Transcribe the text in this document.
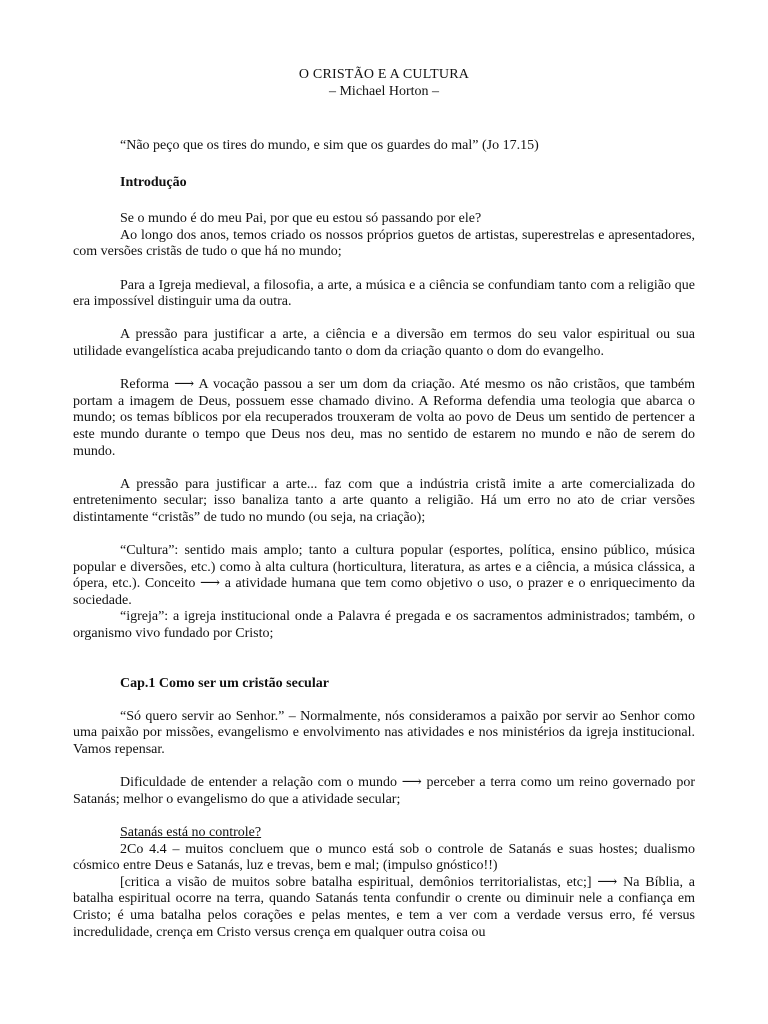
O CRISTÃO E A CULTURA

– Michael Horton –

“Não peço que os tires do mundo, e sim que os guardes do mal” (Jo 17.15)

Introdução

Se o mundo é do meu Pai, por que eu estou só passando por ele?

Ao longo dos anos, temos criado os nossos próprios guetos de artistas, superestrelas e apresentadores, com versões cristãs de tudo o que há no mundo;

Para a Igreja medieval, a filosofia, a arte, a música e a ciência se confundiam tanto com a religião que era impossível distinguir uma da outra.

A pressão para justificar a arte, a ciência e a diversão em termos do seu valor espiritual ou sua utilidade evangelística acaba prejudicando tanto o dom da criação quanto o dom do evangelho.

Reforma ⟶ A vocação passou a ser um dom da criação. Até mesmo os não cristãos, que também portam a imagem de Deus, possuem esse chamado divino. A Reforma defendia uma teologia que abarca o mundo; os temas bíblicos por ela recuperados trouxeram de volta ao povo de Deus um sentido de pertencer a este mundo durante o tempo que Deus nos deu, mas no sentido de estarem no mundo e não de serem do mundo.

A pressão para justificar a arte... faz com que a indústria cristã imite a arte comercializada do entretenimento secular; isso banaliza tanto a arte quanto a religião. Há um erro no ato de criar versões distintamente “cristãs” de tudo no mundo (ou seja, na criação);

“Cultura”: sentido mais amplo; tanto a cultura popular (esportes, política, ensino público, música popular e diversões, etc.) como à alta cultura (horticultura, literatura, as artes e a ciência, a música clássica, a ópera, etc.). Conceito ⟶ a atividade humana que tem como objetivo o uso, o prazer e o enriquecimento da sociedade.

“igreja”: a igreja institucional onde a Palavra é pregada e os sacramentos administrados; também, o organismo vivo fundado por Cristo;

Cap.1 Como ser um cristão secular

“Só quero servir ao Senhor.” – Normalmente, nós consideramos a paixão por servir ao Senhor como uma paixão por missões, evangelismo e envolvimento nas atividades e nos ministérios da igreja institucional. Vamos repensar.

Dificuldade de entender a relação com o mundo ⟶ perceber a terra como um reino governado por Satanás; melhor o evangelismo do que a atividade secular;

Satanás está no controle?

2Co 4.4 – muitos concluem que o munco está sob o controle de Satanás e suas hostes; dualismo cósmico entre Deus e Satanás, luz e trevas, bem e mal; (impulso gnóstico!!)

[critica a visão de muitos sobre batalha espiritual, demônios territorialistas, etc;] ⟶ Na Bíblia, a batalha espiritual ocorre na terra, quando Satanás tenta confundir o crente ou diminuir nele a confiança em Cristo; é uma batalha pelos corações e pelas mentes, e tem a ver com a verdade versus erro, fé versus incredulidade, crença em Cristo versus crença em qualquer outra coisa ou
